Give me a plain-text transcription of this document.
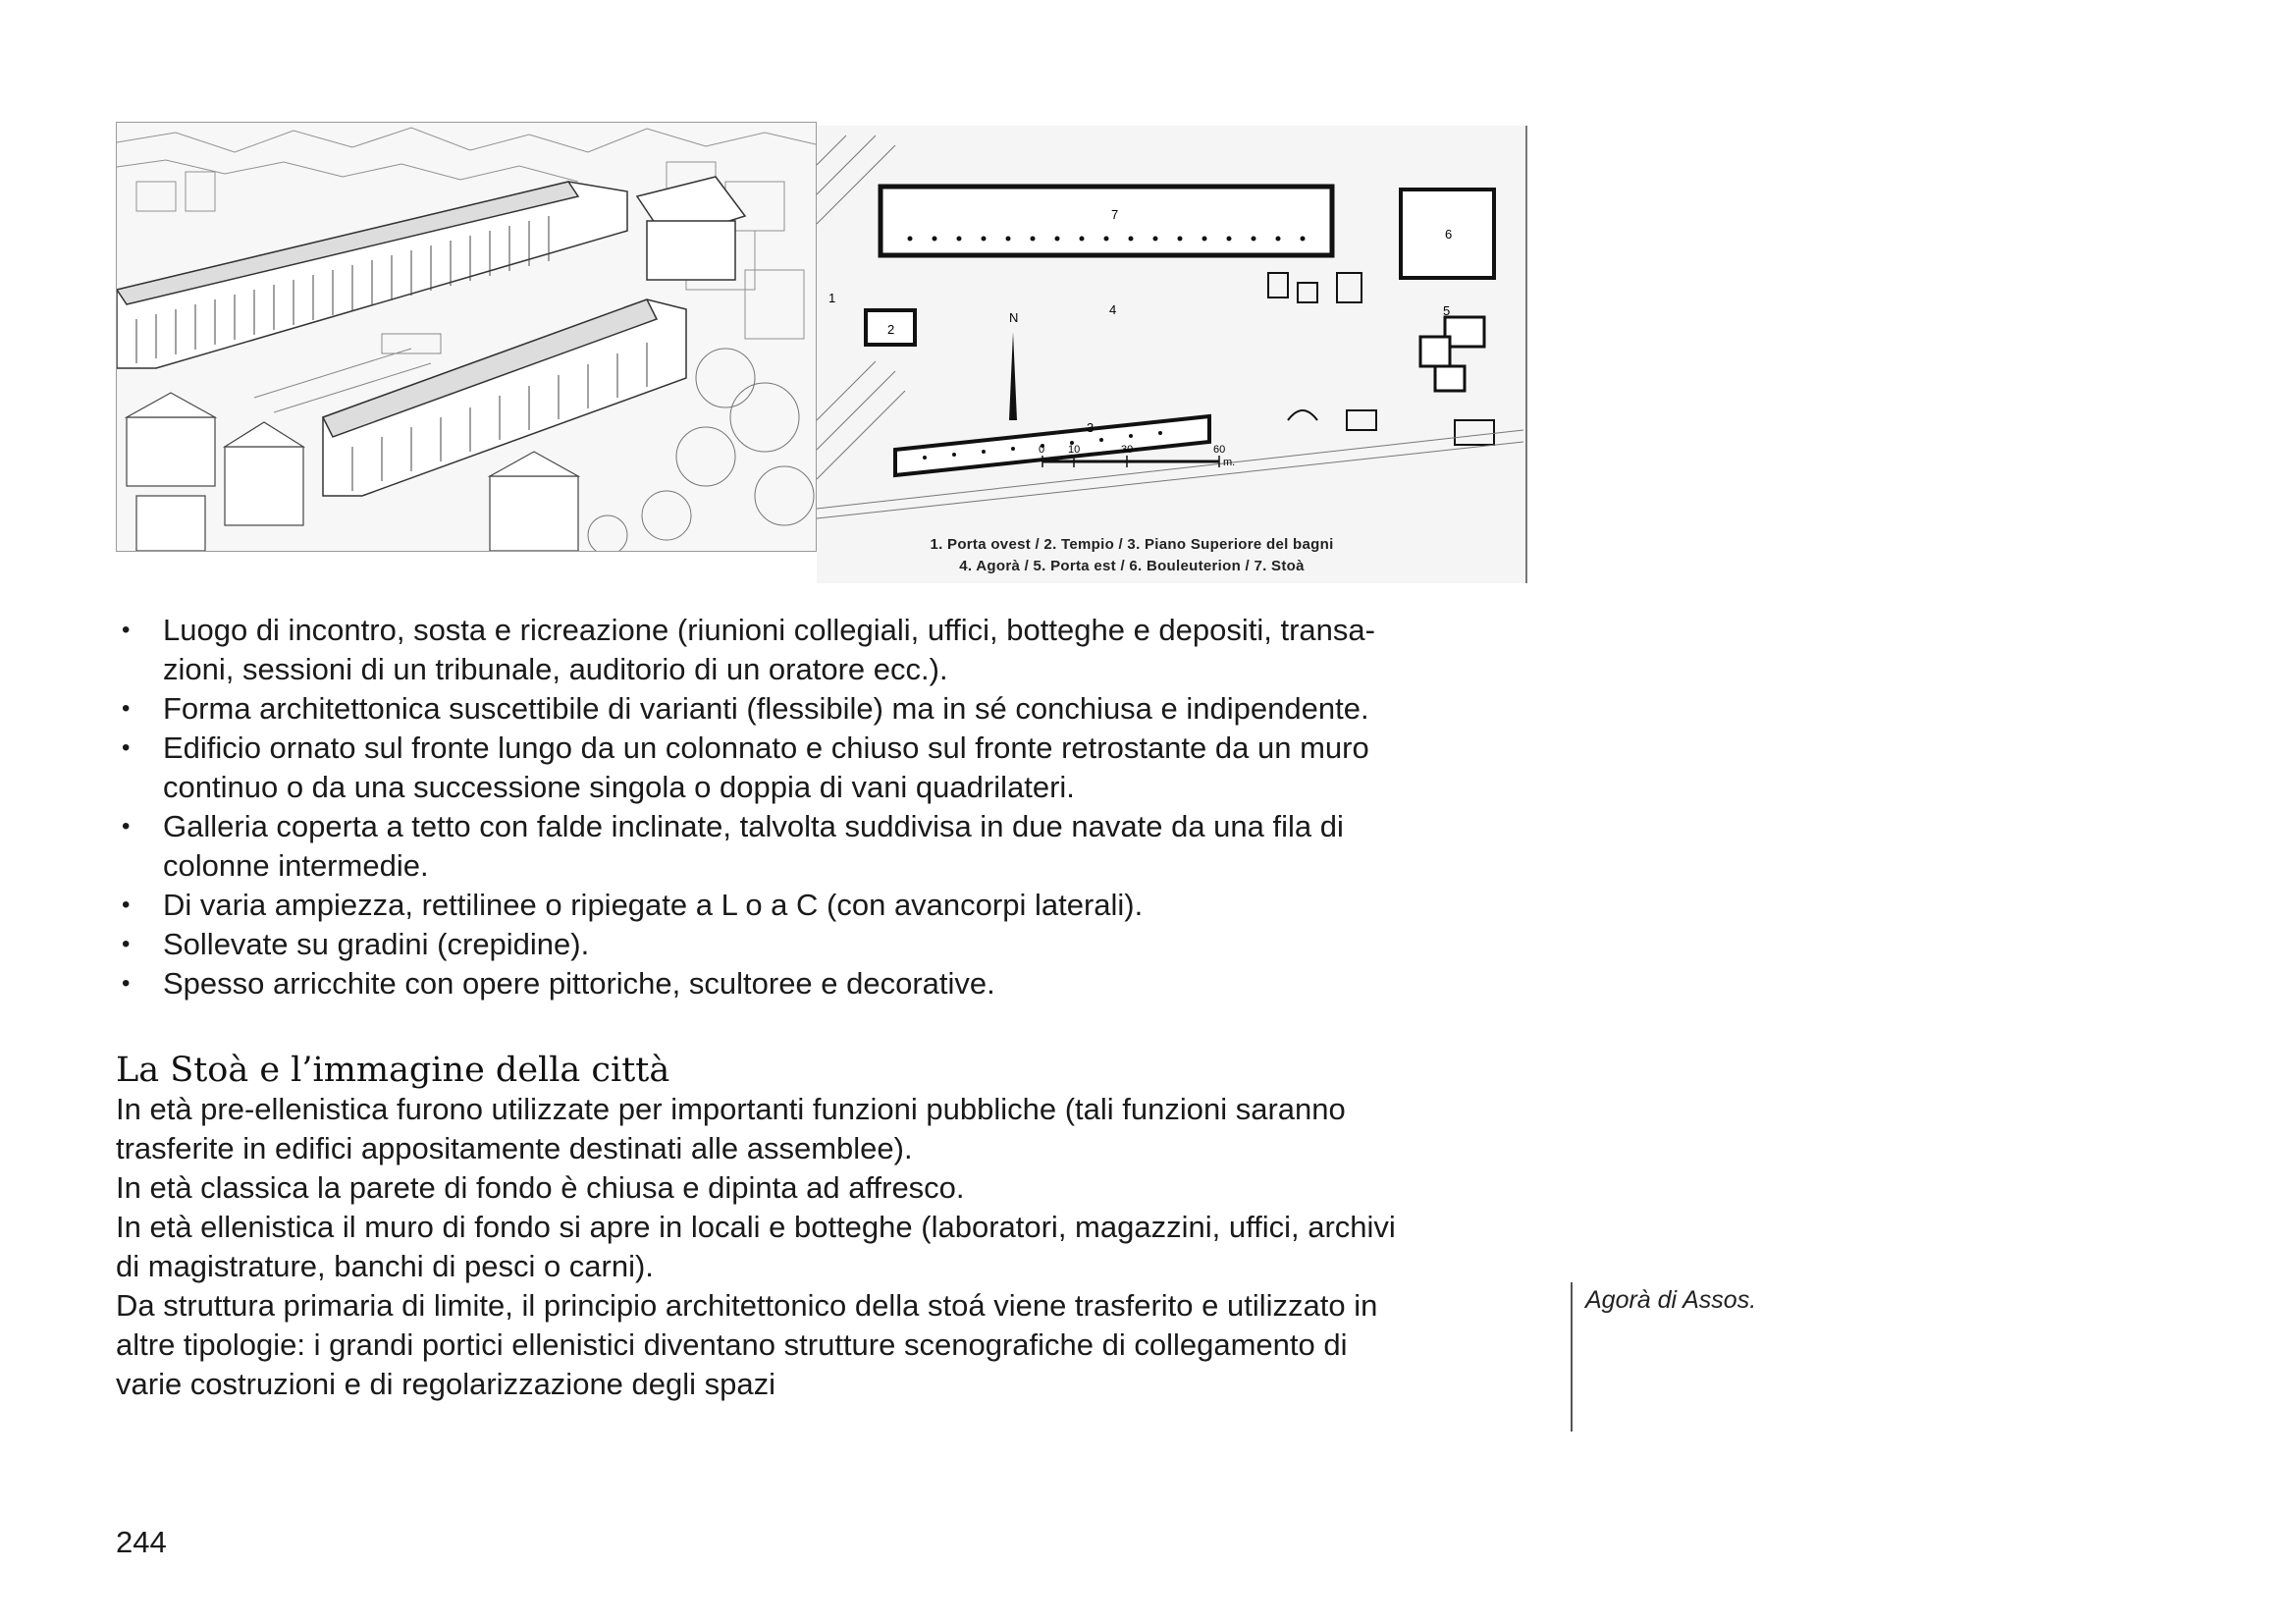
7
6
2
1
N
4
3
5
0 10	30	60
m.
1. Porta ovest / 2. Tempio / 3. Piano Superiore del bagni
4. Agorà / 5. Porta est / 6. Bouleuterion / 7. Stoà
• Luogo di incontro, sosta e ricreazione (riunioni collegiali, uffici, botteghe e depositi, transa-
zioni, sessioni di un tribunale, auditorio di un oratore ecc.).
• Forma architettonica suscettibile di varianti (flessibile) ma in sé conchiusa e indipendente.
• Edificio ornato sul fronte lungo da un colonnato e chiuso sul fronte retrostante da un muro
continuo o da una successione singola o doppia di vani quadrilateri.
• Galleria coperta a tetto con falde inclinate, talvolta suddivisa in due navate da una fila di
colonne intermedie.
• Di varia ampiezza, rettilinee o ripiegate a L o a C (con avancorpi laterali).
• Sollevate su gradini (crepidine).
• Spesso arricchite con opere pittoriche, scultoree e decorative.
La Stoà e l’immagine della città

In età pre-ellenistica furono utilizzate per importanti funzioni pubbliche (tali funzioni saranno

trasferite in edifici appositamente destinati alle assemblee).

In età classica la parete di fondo è chiusa e dipinta ad affresco.

In età ellenistica il muro di fondo si apre in locali e botteghe (laboratori, magazzini, uffici, archivi

di magistrature, banchi di pesci o carni).

Da struttura primaria di limite, il principio architettonico della stoá viene trasferito e utilizzato in

altre tipologie: i grandi portici ellenistici diventano strutture scenografiche di collegamento di

varie costruzioni e di regolarizzazione degli spazi

Agorà di Assos.
244
